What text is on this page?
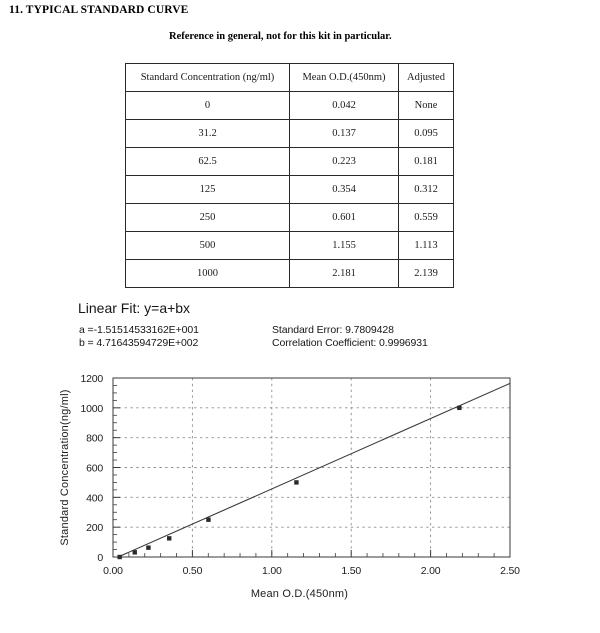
11. TYPICAL STANDARD CURVE
Reference in general, not for this kit in particular.
Standard Concentration (ng/ml)	Mean O.D.(450nm)	Adjusted
0	0.042	None
31.2	0.137	0.095
62.5	0.223	0.181
125	0.354	0.312
250	0.601	0.559
500	1.155	1.113
1000	2.181	2.139
Linear Fit: y=a+bx
a =-1.51514533162E+001
b = 4.71643594729E+002
Standard Error: 9.7809428
Correlation Coefficient: 0.9996931
0
200
400
600
800
1000
1200
0.00	0.50	1.00	1.50	2.00	2.50
Mean O.D.(450nm)
Standard Concentration(ng/ml)
